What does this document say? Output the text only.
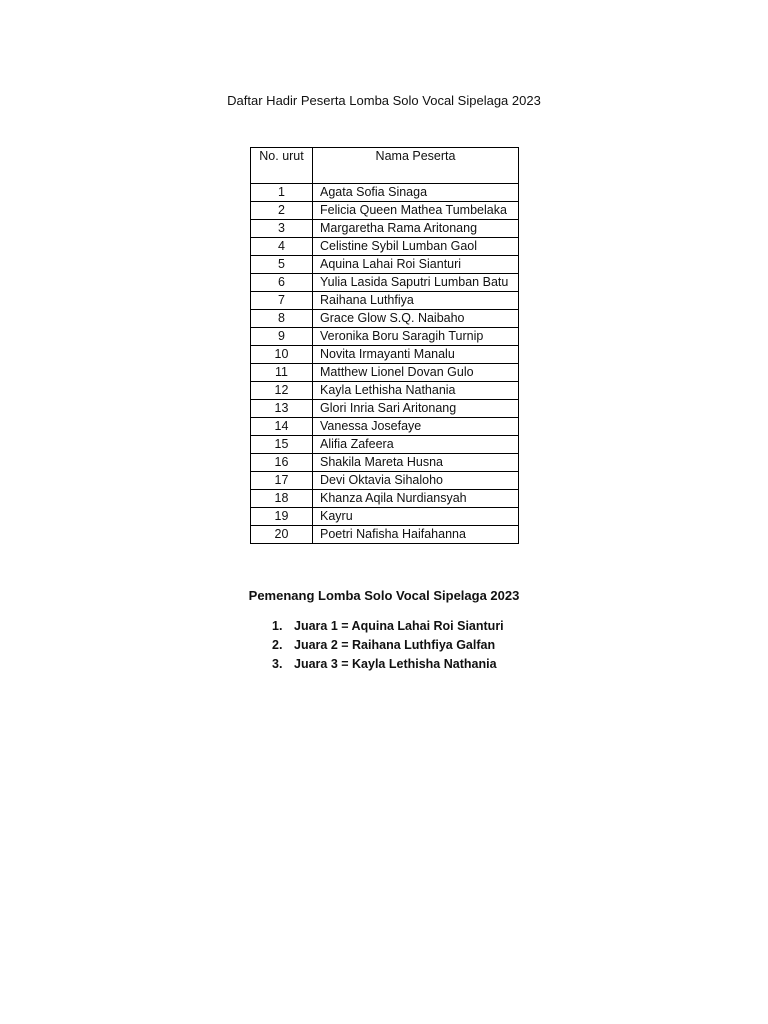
Daftar Hadir Peserta Lomba Solo Vocal Sipelaga 2023
No. urut	Nama Peserta
1	Agata Sofia Sinaga
2	Felicia Queen Mathea Tumbelaka
3	Margaretha Rama Aritonang
4	Celistine Sybil Lumban Gaol
5	Aquina Lahai Roi Sianturi
6	Yulia Lasida Saputri Lumban Batu
7	Raihana Luthfiya
8	Grace Glow S.Q. Naibaho
9	Veronika Boru Saragih Turnip
10	Novita Irmayanti Manalu
11	Matthew Lionel Dovan Gulo
12	Kayla Lethisha Nathania
13	Glori Inria Sari Aritonang
14	Vanessa Josefaye
15	Alifia Zafeera
16	Shakila Mareta Husna
17	Devi Oktavia Sihaloho
18	Khanza Aqila Nurdiansyah
19	Kayru
20	Poetri Nafisha Haifahanna
Pemenang Lomba Solo Vocal Sipelaga 2023
1. Juara 1 = Aquina Lahai Roi Sianturi
2. Juara 2 = Raihana Luthfiya Galfan
3. Juara 3 = Kayla Lethisha Nathania
